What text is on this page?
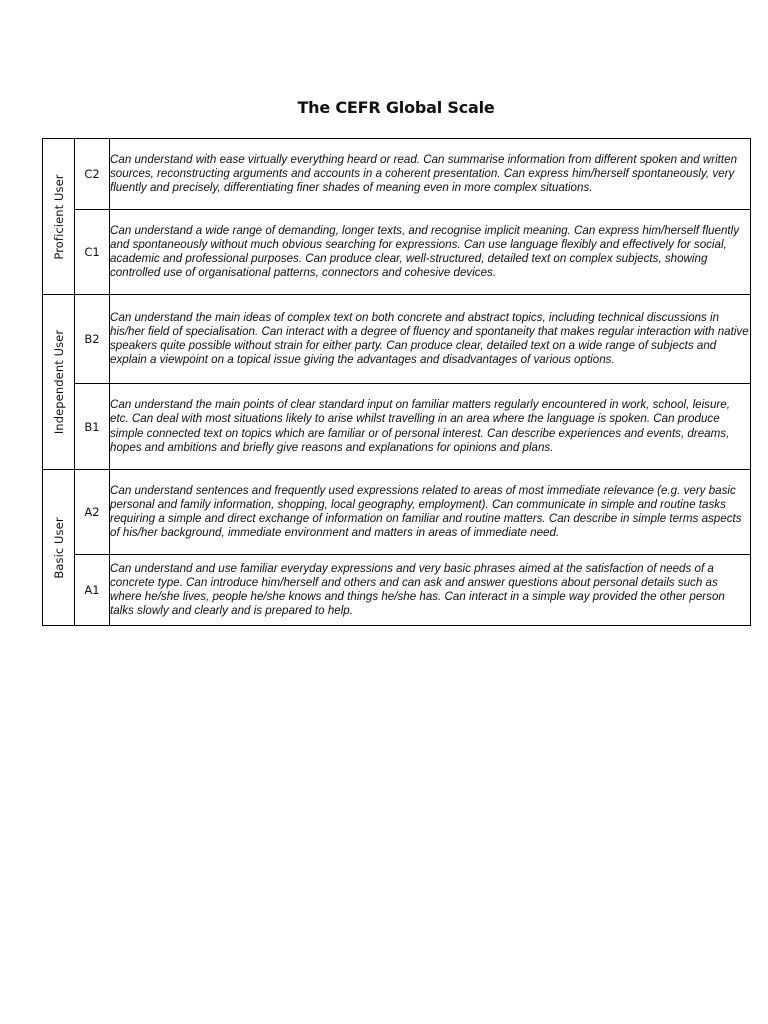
The CEFR Global Scale
Proficient User	C2	Can understand with ease virtually everything heard or read. Can summarise information from different spoken and written sources, reconstructing arguments and accounts in a coherent presentation. Can express him/herself spontaneously, very fluently and precisely, differentiating finer shades of meaning even in more complex situations.
	C1	Can understand a wide range of demanding, longer texts, and recognise implicit meaning. Can express him/herself fluently and spontaneously without much obvious searching for expressions. Can use language flexibly and effectively for social, academic and professional purposes. Can produce clear, well-structured, detailed text on complex subjects, showing controlled use of organisational patterns, connectors and cohesive devices.

Independent User	B2	Can understand the main ideas of complex text on both concrete and abstract topics, including technical discussions in his/her field of specialisation. Can interact with a degree of fluency and spontaneity that makes regular interaction with native speakers quite possible without strain for either party. Can produce clear, detailed text on a wide range of subjects and explain a viewpoint on a topical issue giving the advantages and disadvantages of various options.
	B1	Can understand the main points of clear standard input on familiar matters regularly encountered in work, school, leisure, etc. Can deal with most situations likely to arise whilst travelling in an area where the language is spoken. Can produce simple connected text on topics which are familiar or of personal interest. Can describe experiences and events, dreams, hopes and ambitions and briefly give reasons and explanations for opinions and plans.

Basic User	A2	Can understand sentences and frequently used expressions related to areas of most immediate relevance (e.g. very basic personal and family information, shopping, local geography, employment). Can communicate in simple and routine tasks requiring a simple and direct exchange of information on familiar and routine matters. Can describe in simple terms aspects of his/her background, immediate environment and matters in areas of immediate need.
	A1	Can understand and use familiar everyday expressions and very basic phrases aimed at the satisfaction of needs of a concrete type. Can introduce him/herself and others and can ask and answer questions about personal details such as where he/she lives, people he/she knows and things he/she has. Can interact in a simple way provided the other person talks slowly and clearly and is prepared to help.
